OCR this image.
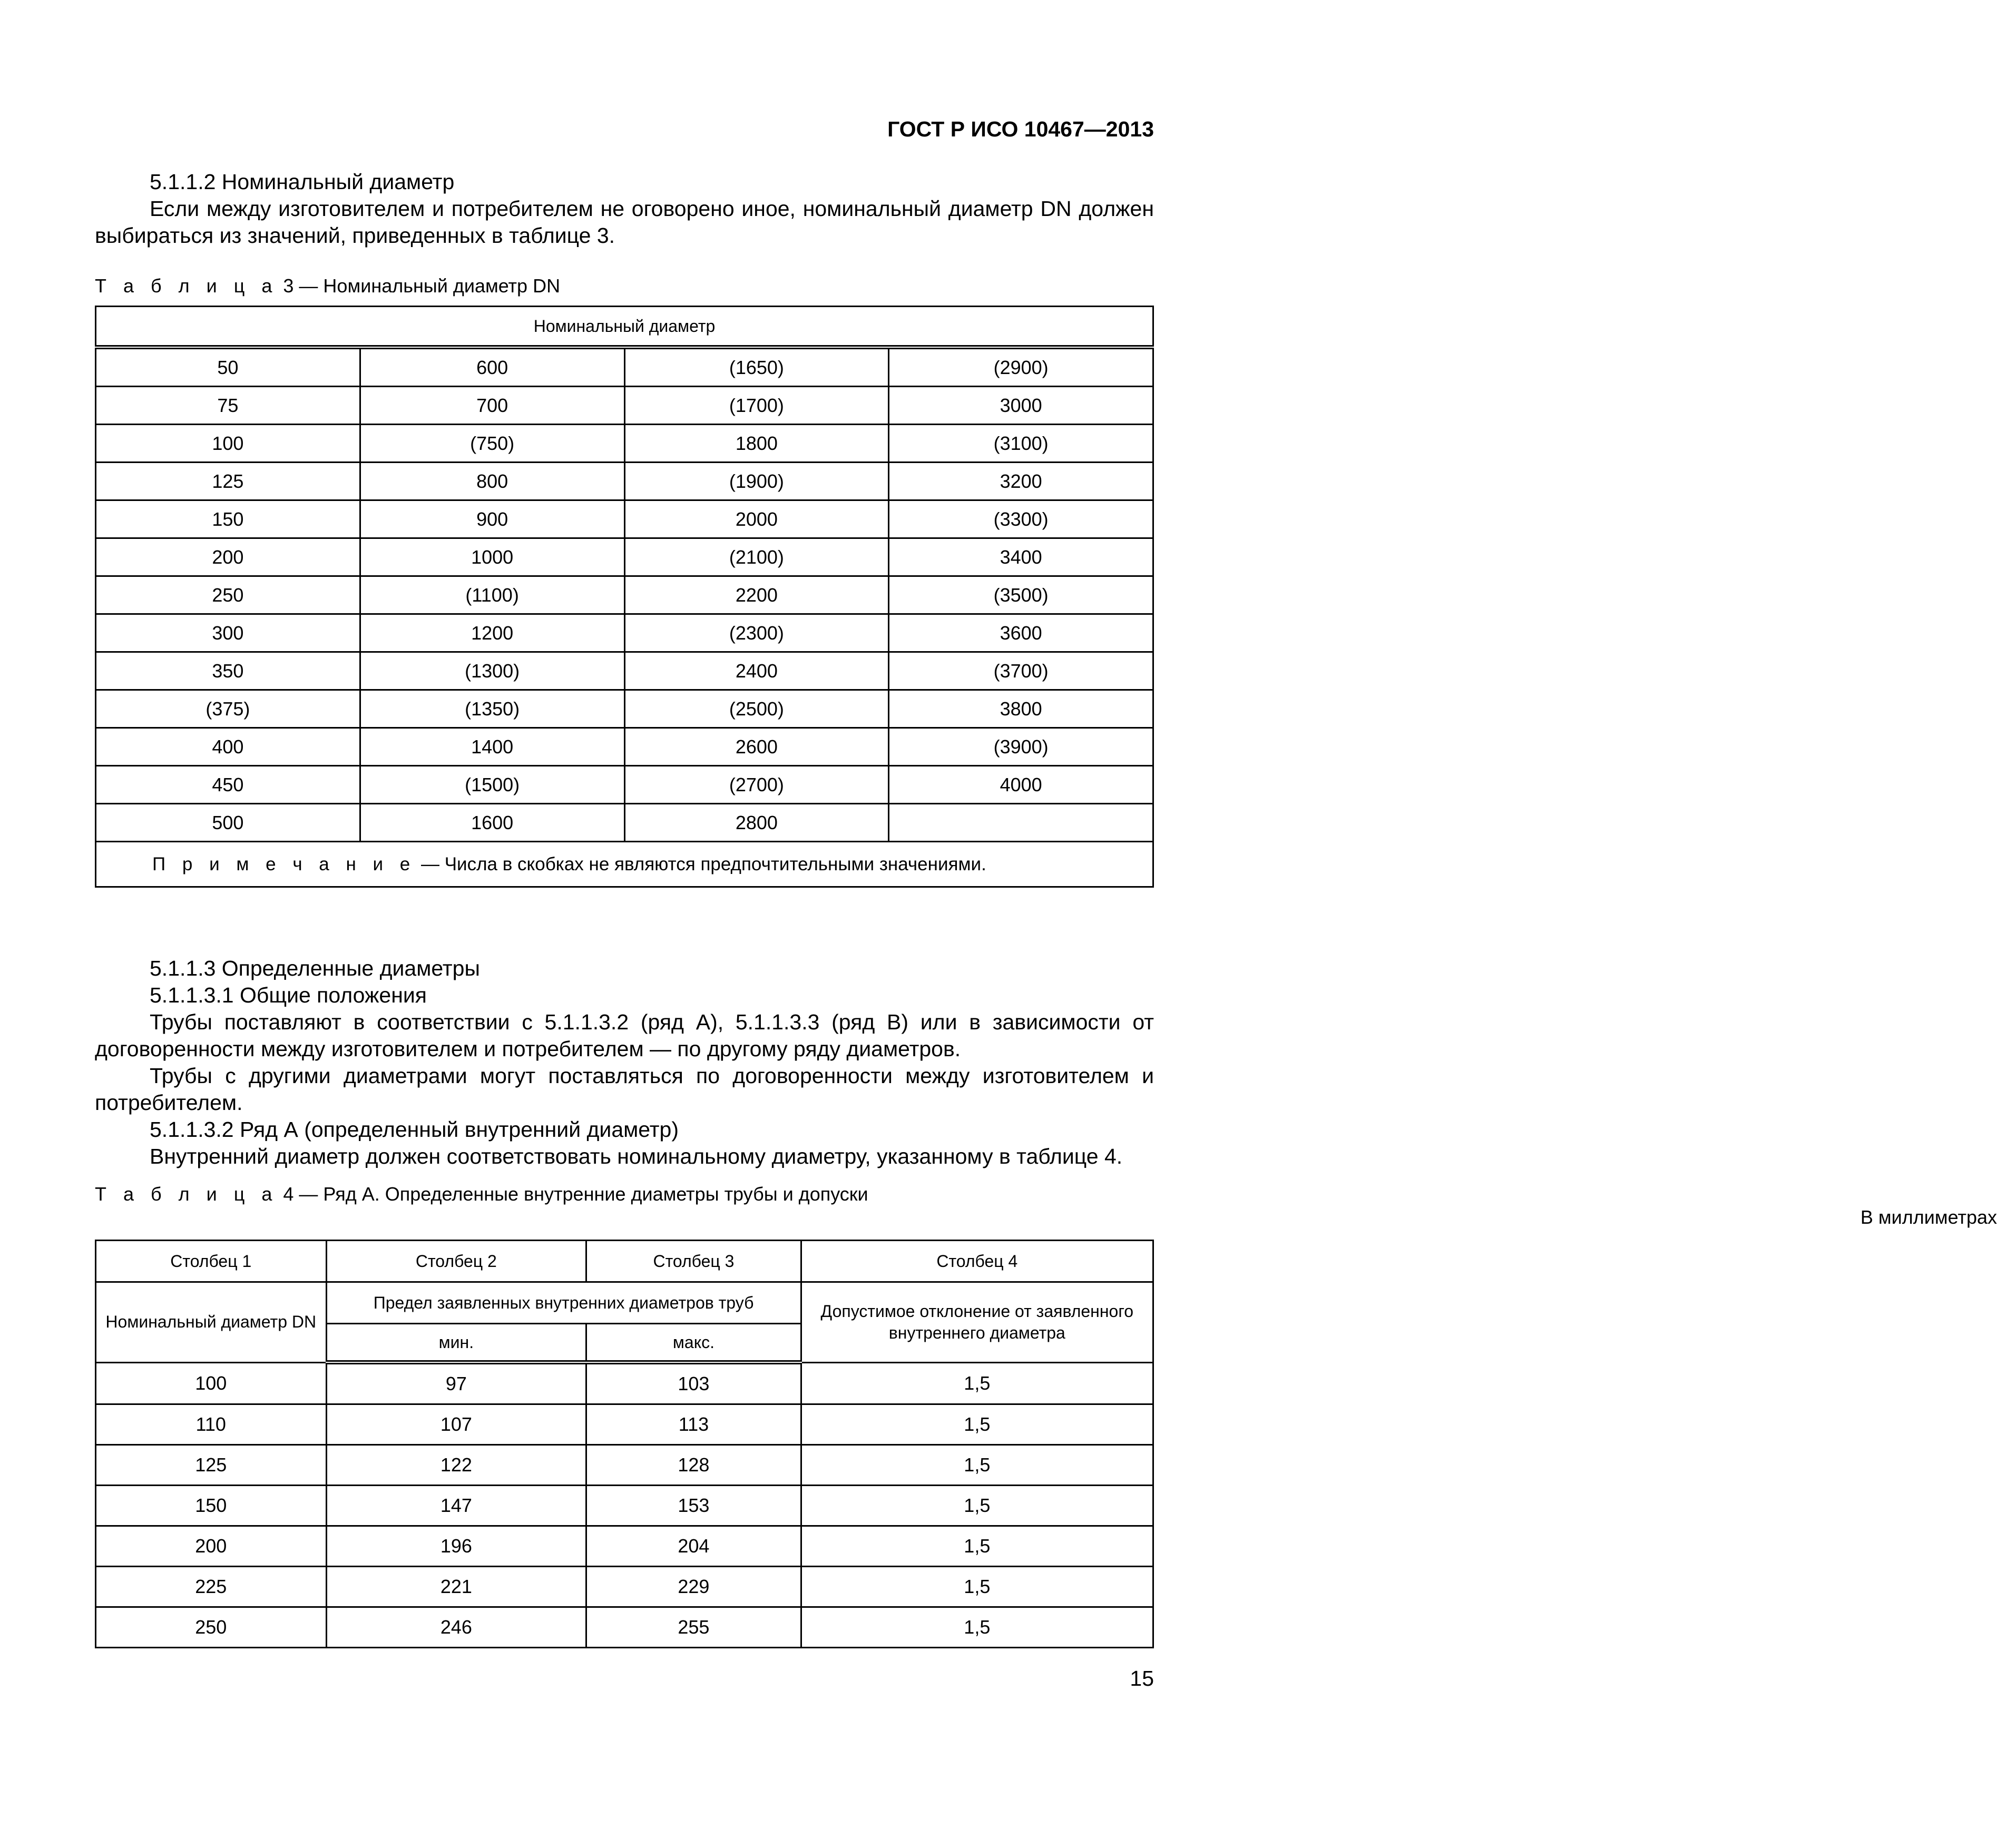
ГОСТ Р ИСО 10467—2013

5.1.1.2 Номинальный диаметр

Если между изготовителем и потребителем не оговорено иное, номинальный диаметр DN должен выбираться из значений, приведенных в таблице 3.

Т а б л и ц а 3 — Номинальный диаметр DN
Номинальный диаметр			
50	600	(1650)	(2900)
75	700	(1700)	3000
100	(750)	1800	(3100)
125	800	(1900)	3200
150	900	2000	(3300)
200	1000	(2100)	3400
250	(1100)	2200	(3500)
300	1200	(2300)	3600
350	(1300)	2400	(3700)
(375)	(1350)	(2500)	3800
400	1400	2600	(3900)
450	(1500)	(2700)	4000
500	1600	2800	
П р и м е ч а н и е — Числа в скобках не являются предпочтительными значениями.			

5.1.1.3 Определенные диаметры

5.1.1.3.1 Общие положения

Трубы поставляют в соответствии с 5.1.1.3.2 (ряд А), 5.1.1.3.3 (ряд В) или в зависимости от договоренности между изготовителем и потребителем — по другому ряду диаметров.

Трубы с другими диаметрами могут поставляться по договоренности между изготовителем и потребителем.

5.1.1.3.2 Ряд А (определенный внутренний диаметр)

Внутренний диаметр должен соответствовать номинальному диаметру, указанному в таблице 4.

Т а б л и ц а 4 — Ряд А. Определенные внутренние диаметры трубы и допуски
В миллиметрах
Столбец 1	Столбец 2	Столбец 3	Столбец 4
Номинальный диаметр DN	Предел заявленных внутренних диаметров труб		Допустимое отклонение от заявленного внутреннего диаметра
	мин.	макс.	
100	97	103	1,5
110	107	113	1,5
125	122	128	1,5
150	147	153	1,5
200	196	204	1,5
225	221	229	1,5
250	246	255	1,5
15
